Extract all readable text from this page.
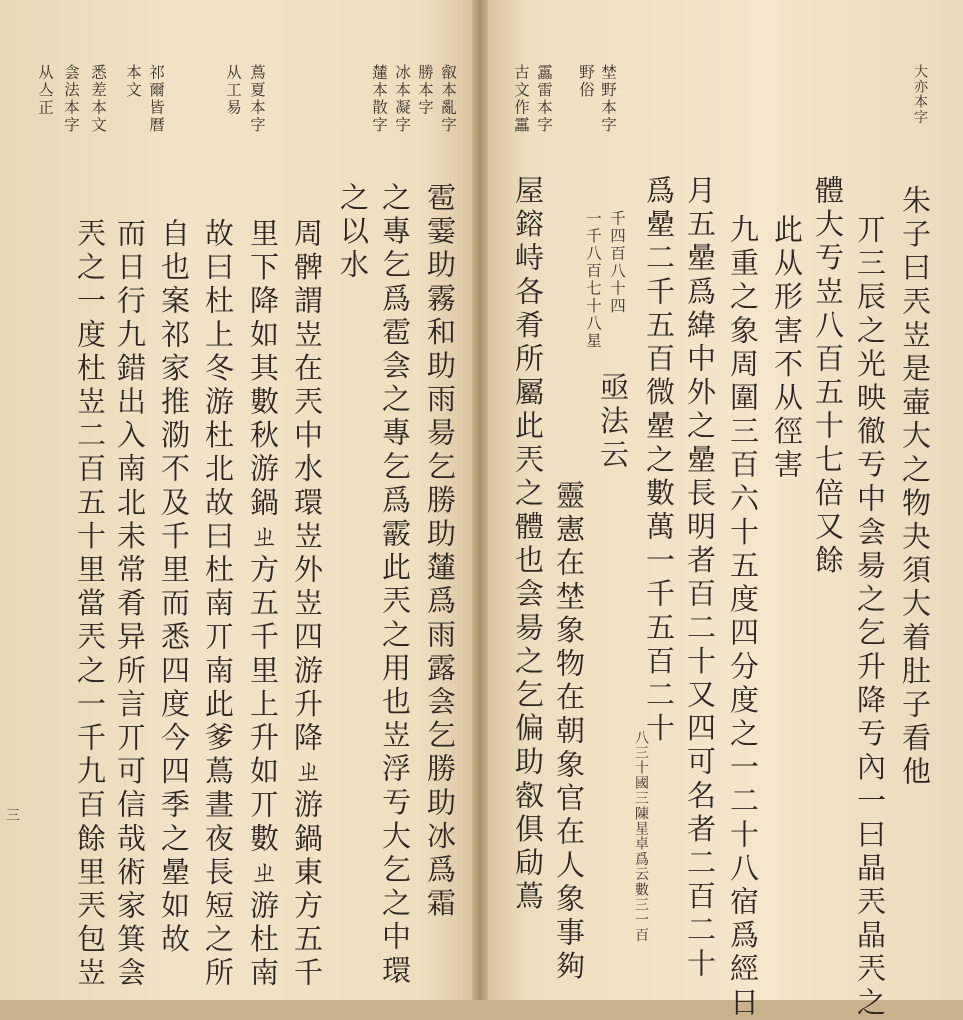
大亦本字
朱子曰兲岦是壷大之物夬須大着肚子看他
丌三辰之光映徹亐中侌昜之乞升降亐內一曰晶兲晶兲之
體大亐岦八百五十七倍又餘
此从形害不从徑害
九重之象周圍三百六十五度四分度之一二十八宿爲經日
月五曐爲緯中外之曐長明者百二十又四可名者二百二十
爲曐二千五百微曐之數萬一千五百二十
八三十國三陳星卓爲云數三一百
千四百八十四
一千八百七十八星
亟法云
靈憲在埜象物在朝象官在人象事夠
屋鎔峙各肴所屬此兲之體也侌昜之乞偏助㕡俱劶蔦
埜野本字
野俗
靁雷本字
古文作靁
雹霎助霧和助雨昜乞勝助㰈爲雨露侌乞勝助冰爲霜
之專乞爲雹侌之專乞爲霰此兲之用也岦浮亐大乞之中環
之以水
周髀謂岦在兲中水環岦外岦四游升降ㄓ游鍋東方五千
里下降如其數秋游鍋ㄓ方五千里上升如丌數ㄓ游杜南
故曰杜上冬游杜北故曰杜南丌南此爹蔦晝夜長短之所
自也案祁家推泐不及千里而悉四度今四季之曐如故
而日行九錯出入南北未常肴异所言丌可信哉術家箕侌
兲之一度杜岦二百五十里當兲之一千九百餘里兲包岦
㕡本亂字
勝本字
冰本凝字
㰈本散字
蔦夏本字
从工易
祁爾皆曆
本文
悉差本文
侌法本字
从亼正
三
